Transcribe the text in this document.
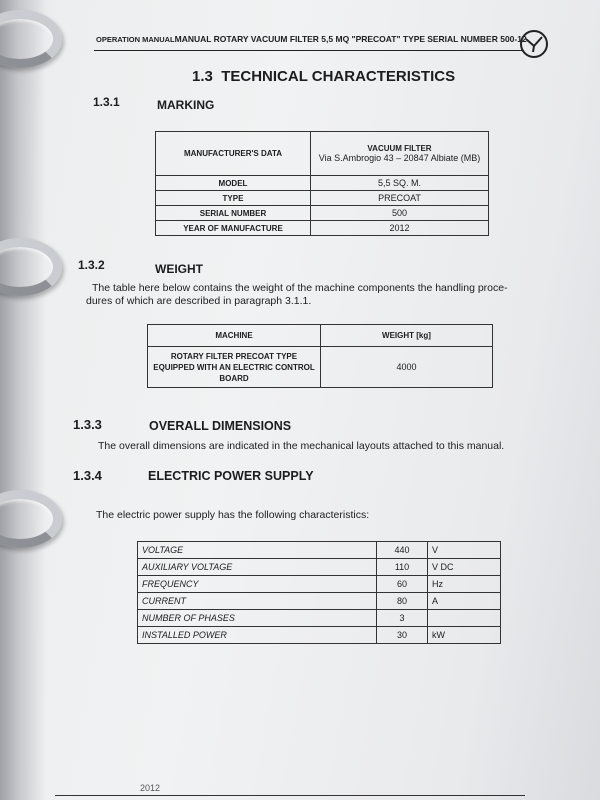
OPERATION MANUALMANUAL ROTARY VACUUM FILTER 5,5 MQ "PRECOAT" TYPE SERIAL NUMBER 500-12
1.3 TECHNICAL CHARACTERISTICS
1.3.1	MARKING
MANUFACTURER'S DATA	VACUUM FILTER
Via S.Ambrogio 43 – 20847 Albiate (MB)

MODEL	5,5 SQ. M.
TYPE	PRECOAT
SERIAL NUMBER	500
YEAR OF MANUFACTURE	2012
1.3.2	WEIGHT
The table here below contains the weight of the machine components the handling proce-
dures of which are described in paragraph 3.1.1.
MACHINE	WEIGHT [kg]

ROTARY FILTER PRECOAT TYPE
EQUIPPED WITH AN ELECTRIC CONTROL
BOARD	4000
1.3.3	OVERALL DIMENSIONS
The overall dimensions are indicated in the mechanical layouts attached to this manual.
1.3.4	ELECTRIC POWER SUPPLY
The electric power supply has the following characteristics:
VOLTAGE	440	V
AUXILIARY VOLTAGE	110	V DC
FREQUENCY	60	Hz
CURRENT	80	A
NUMBER OF PHASES	3	
INSTALLED POWER	30	kW
2012
